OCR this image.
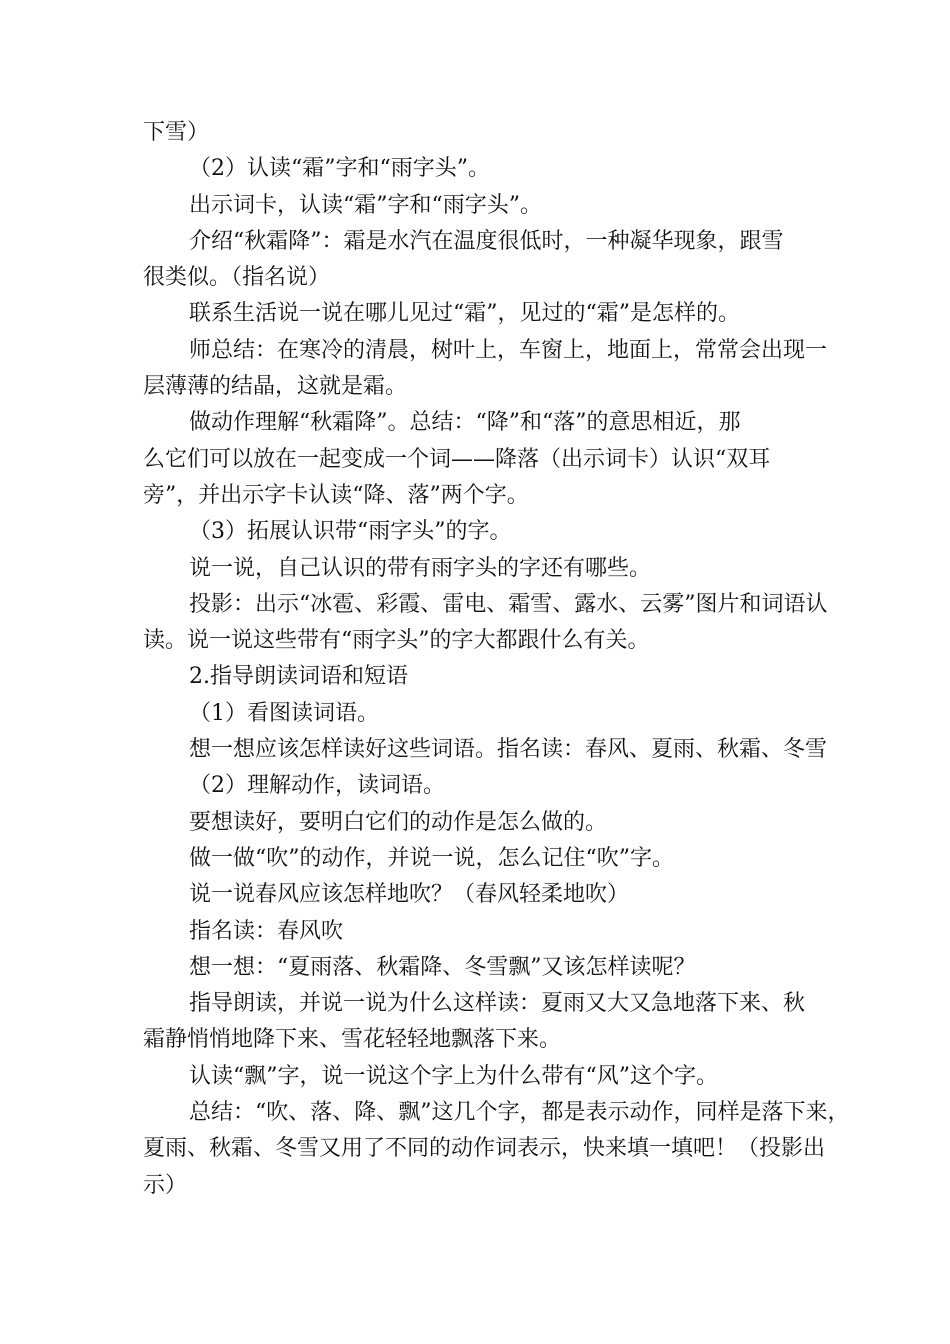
下雪）
（2）认读“霜”字和“雨字头”。
出示词卡，认读“霜”字和“雨字头”。
介绍“秋霜降”：霜是水汽在温度很低时，一种凝华现象，跟雪
很类似。（指名说）
联系生活说一说在哪儿见过“霜”，见过的“霜”是怎样的。
师总结：在寒冷的清晨，树叶上，车窗上，地面上，常常会出现一
层薄薄的结晶，这就是霜。
做动作理解“秋霜降”。总结：“降”和“落”的意思相近，那
么它们可以放在一起变成一个词——降落（出示词卡）认识“双耳
旁”，并出示字卡认读“降、落”两个字。
（3）拓展认识带“雨字头”的字。
说一说，自己认识的带有雨字头的字还有哪些。
投影：出示“冰雹、彩霞、雷电、霜雪、露水、云雾”图片和词语认
读。说一说这些带有“雨字头”的字大都跟什么有关。
2.指导朗读词语和短语
（1）看图读词语。
想一想应该怎样读好这些词语。指名读：春风、夏雨、秋霜、冬雪
（2）理解动作，读词语。
要想读好，要明白它们的动作是怎么做的。
做一做“吹”的动作，并说一说，怎么记住“吹”字。
说一说春风应该怎样地吹？（春风轻柔地吹）
指名读：春风吹
想一想：“夏雨落、秋霜降、冬雪飘”又该怎样读呢？
指导朗读，并说一说为什么这样读：夏雨又大又急地落下来、秋
霜静悄悄地降下来、雪花轻轻地飘落下来。
认读“飘”字，说一说这个字上为什么带有“风”这个字。
总结：“吹、落、降、飘”这几个字，都是表示动作，同样是落下来，
夏雨、秋霜、冬雪又用了不同的动作词表示，快来填一填吧！（投影出
示）
